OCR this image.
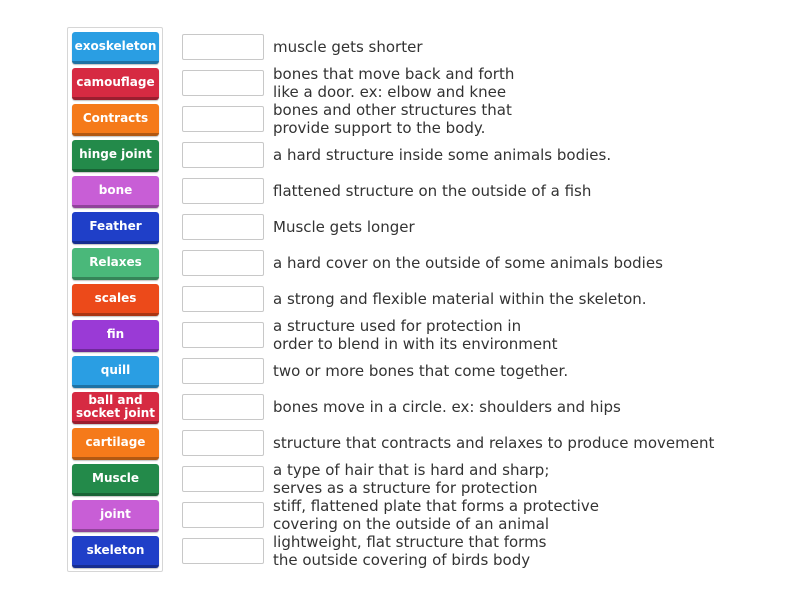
exoskeleton
camouflage
Contracts
hinge joint
bone
Feather
Relaxes
scales
fin
quill
ball and socket joint
cartilage
Muscle
joint
skeleton
muscle gets shorter
bones that move back and forth
like a door. ex: elbow and knee
bones and other structures that
provide support to the body.
a hard structure inside some animals bodies.
flattened structure on the outside of a fish
Muscle gets longer
a hard cover on the outside of some animals bodies
a strong and flexible material within the skeleton.
a structure used for protection in
order to blend in with its environment
two or more bones that come together.
bones move in a circle. ex: shoulders and hips
structure that contracts and relaxes to produce movement
a type of hair that is hard and sharp;
serves as a structure for protection
stiff, flattened plate that forms a protective
covering on the outside of an animal
lightweight, flat structure that forms
the outside covering of birds body
